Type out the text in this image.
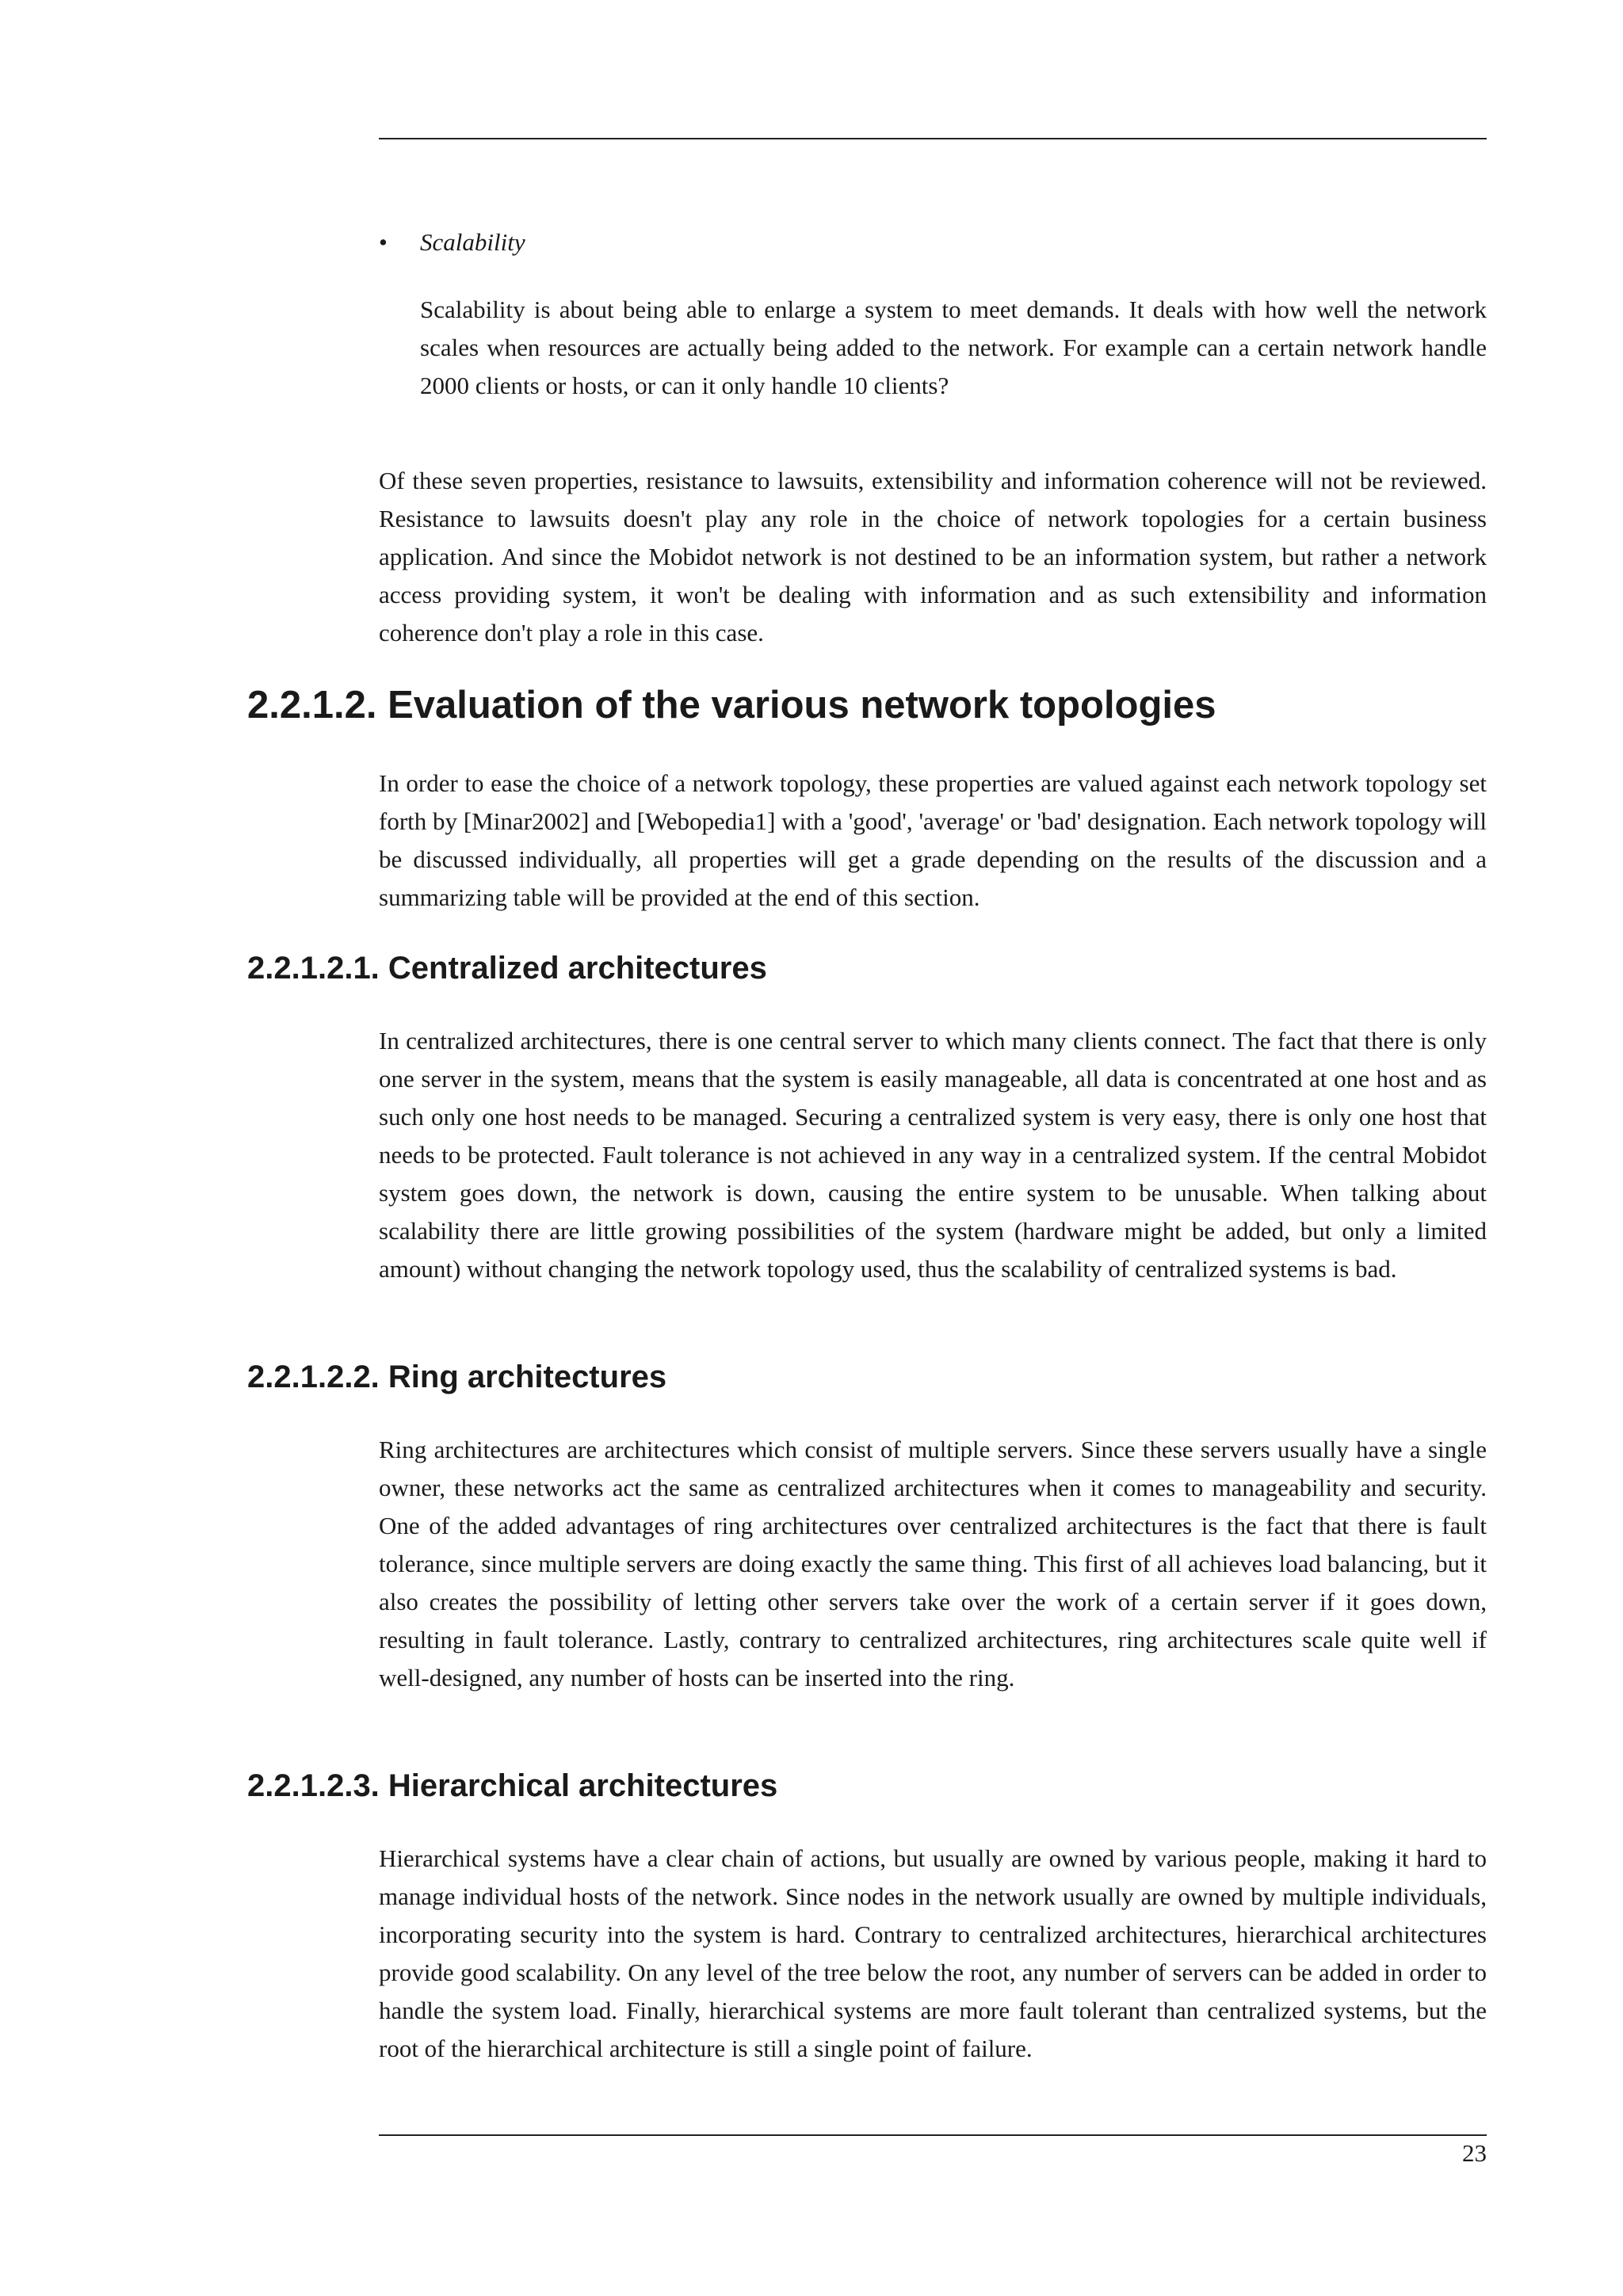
• Scalability

Scalability is about being able to enlarge a system to meet demands. It deals with how well the network scales when resources are actually being added to the network. For example can a certain network handle 2000 clients or hosts, or can it only handle 10 clients?

Of these seven properties, resistance to lawsuits, extensibility and information coherence will not be reviewed. Resistance to lawsuits doesn't play any role in the choice of network topologies for a certain business application. And since the Mobidot network is not destined to be an information system, but rather a network access providing system, it won't be dealing with information and as such extensibility and information coherence don't play a role in this case.

2.2.1.2. Evaluation of the various network topologies

In order to ease the choice of a network topology, these properties are valued against each network topology set forth by [Minar2002] and [Webopedia1] with a 'good', 'average' or 'bad' designation. Each network topology will be discussed individually, all properties will get a grade depending on the results of the discussion and a summarizing table will be provided at the end of this section.

2.2.1.2.1. Centralized architectures

In centralized architectures, there is one central server to which many clients connect. The fact that there is only one server in the system, means that the system is easily manageable, all data is concentrated at one host and as such only one host needs to be managed. Securing a centralized system is very easy, there is only one host that needs to be protected. Fault tolerance is not achieved in any way in a centralized system. If the central Mobidot system goes down, the network is down, causing the entire system to be unusable. When talking about scalability there are little growing possibilities of the system (hardware might be added, but only a limited amount) without changing the network topology used, thus the scalability of centralized systems is bad.

2.2.1.2.2. Ring architectures

Ring architectures are architectures which consist of multiple servers. Since these servers usually have a single owner, these networks act the same as centralized architectures when it comes to manageability and security. One of the added advantages of ring architectures over centralized architectures is the fact that there is fault tolerance, since multiple servers are doing exactly the same thing. This first of all achieves load balancing, but it also creates the possibility of letting other servers take over the work of a certain server if it goes down, resulting in fault tolerance. Lastly, contrary to centralized architectures, ring architectures scale quite well if well-designed, any number of hosts can be inserted into the ring.

2.2.1.2.3. Hierarchical architectures

Hierarchical systems have a clear chain of actions, but usually are owned by various people, making it hard to manage individual hosts of the network. Since nodes in the network usually are owned by multiple individuals, incorporating security into the system is hard. Contrary to centralized architectures, hierarchical architectures provide good scalability. On any level of the tree below the root, any number of servers can be added in order to handle the system load. Finally, hierarchical systems are more fault tolerant than centralized systems, but the root of the hierarchical architecture is still a single point of failure.

23
